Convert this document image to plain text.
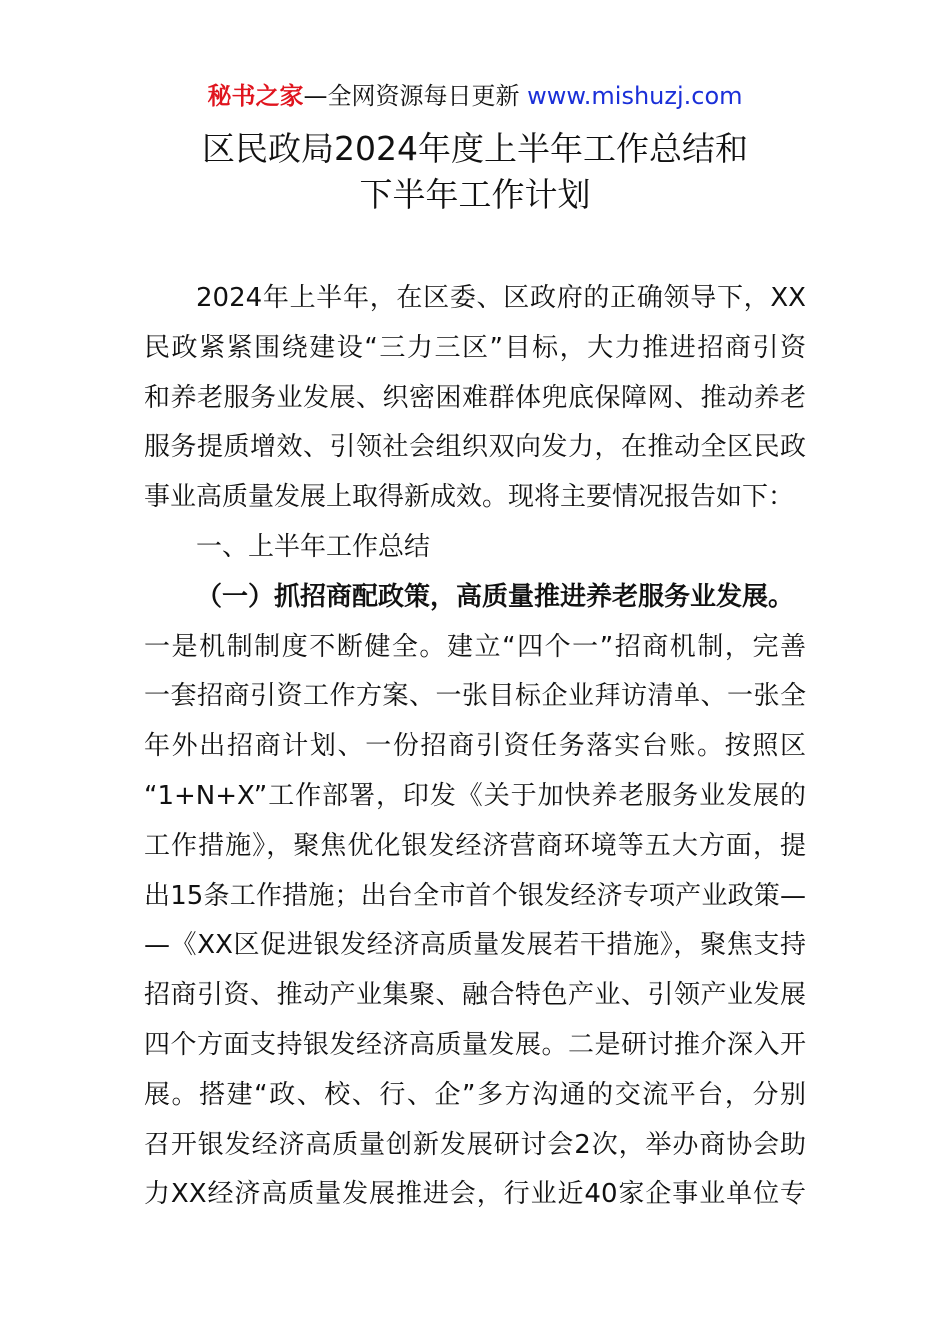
秘书之家—全网资源每日更新 www.mishuzj.com
区民政局2024年度上半年工作总结和
下半年工作计划
2024年上半年，在区委、区政府的正确领导下，XX
民政紧紧围绕建设“三力三区”目标，大力推进招商引资
和养老服务业发展、织密困难群体兜底保障网、推动养老
服务提质增效、引领社会组织双向发力，在推动全区民政
事业高质量发展上取得新成效。现将主要情况报告如下：
一、上半年工作总结
（一）抓招商配政策，高质量推进养老服务业发展。
一是机制制度不断健全。建立“四个一”招商机制，完善
一套招商引资工作方案、一张目标企业拜访清单、一张全
年外出招商计划、一份招商引资任务落实台账。按照区
“1+N+X”工作部署，印发《关于加快养老服务业发展的
工作措施》，聚焦优化银发经济营商环境等五大方面，提
出15条工作措施；出台全市首个银发经济专项产业政策—
—《XX区促进银发经济高质量发展若干措施》，聚焦支持
招商引资、推动产业集聚、融合特色产业、引领产业发展
四个方面支持银发经济高质量发展。二是研讨推介深入开
展。搭建“政、校、行、企”多方沟通的交流平台，分别
召开银发经济高质量创新发展研讨会2次，举办商协会助
力XX经济高质量发展推进会，行业近40家企事业单位专
